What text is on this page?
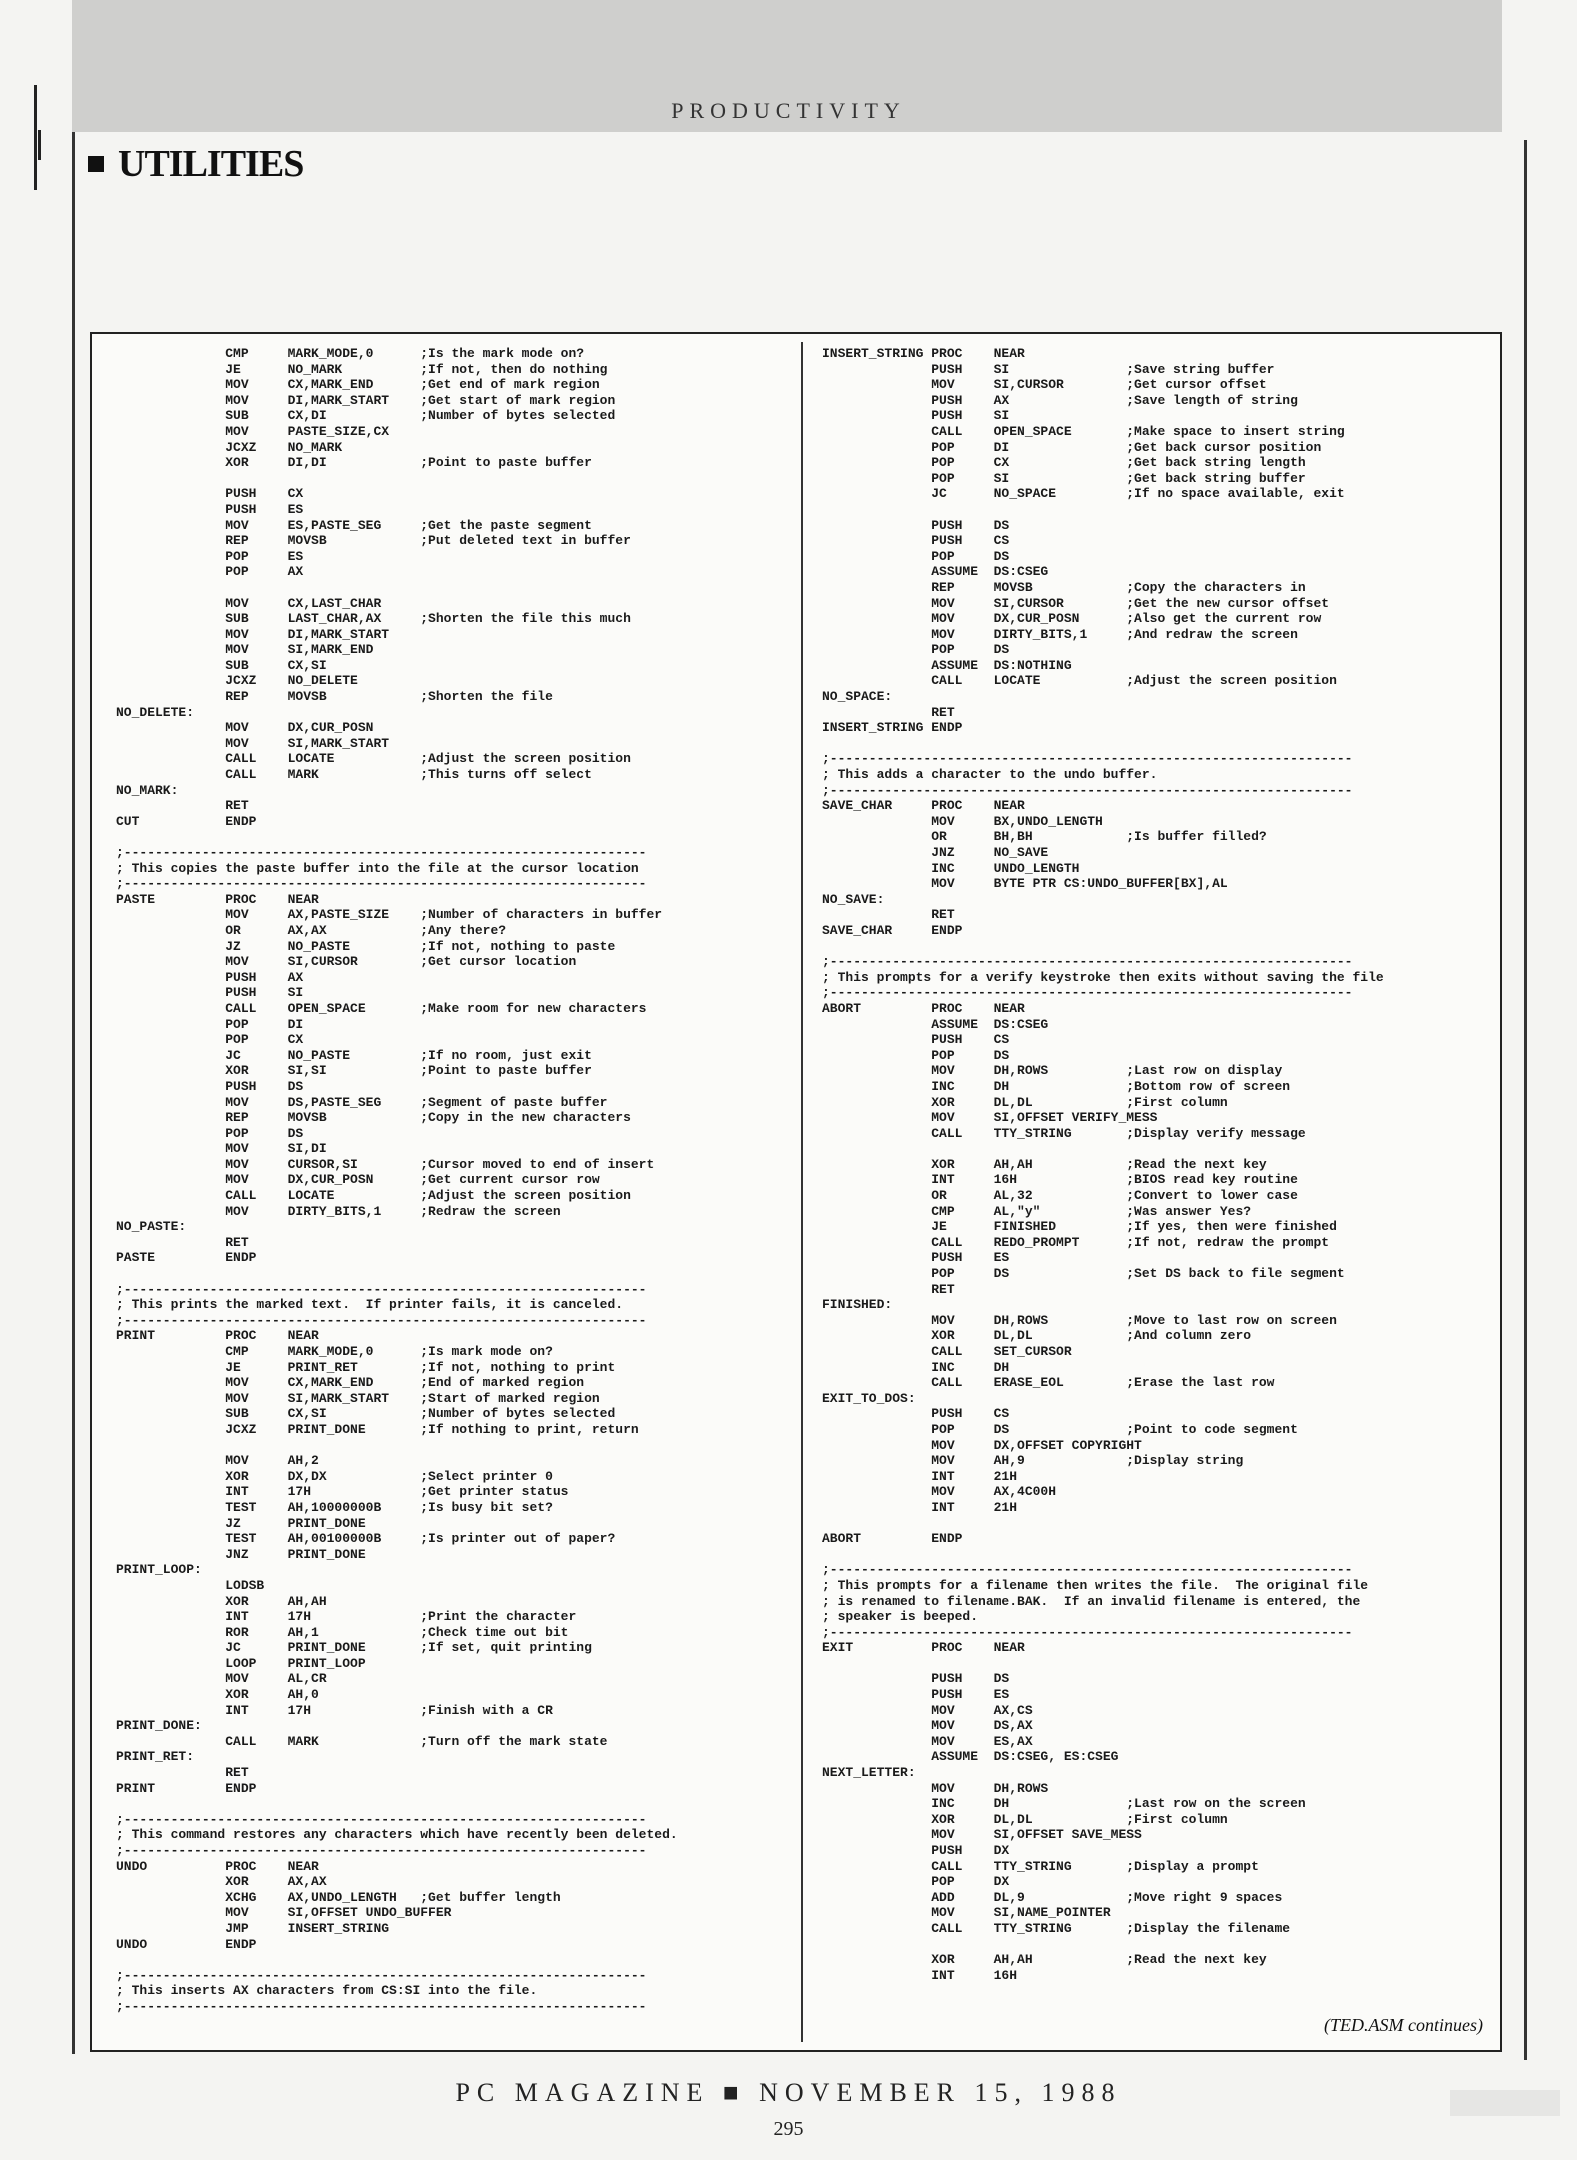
PRODUCTIVITY
UTILITIES
CMP     MARK_MODE,0      ;Is the mark mode on?
JE      NO_MARK          ;If not, then do nothing
MOV     CX,MARK_END      ;Get end of mark region
MOV     DI,MARK_START    ;Get start of mark region
SUB     CX,DI            ;Number of bytes selected
MOV     PASTE_SIZE,CX
JCXZ    NO_MARK
XOR     DI,DI            ;Point to paste buffer

PUSH    CX
PUSH    ES
MOV     ES,PASTE_SEG     ;Get the paste segment
REP     MOVSB            ;Put deleted text in buffer
POP     ES
POP     AX

MOV     CX,LAST_CHAR
SUB     LAST_CHAR,AX     ;Shorten the file this much
MOV     DI,MARK_START
MOV     SI,MARK_END
SUB     CX,SI
JCXZ    NO_DELETE
REP     MOVSB            ;Shorten the file
NO_DELETE:
MOV     DX,CUR_POSN
MOV     SI,MARK_START
CALL    LOCATE           ;Adjust the screen position
CALL    MARK             ;This turns off select
NO_MARK:
RET
CUT           ENDP

;-------------------------------------------------------------------
; This copies the paste buffer into the file at the cursor location
;-------------------------------------------------------------------
PASTE         PROC    NEAR
MOV     AX,PASTE_SIZE    ;Number of characters in buffer
OR      AX,AX            ;Any there?
JZ      NO_PASTE         ;If not, nothing to paste
MOV     SI,CURSOR        ;Get cursor location
PUSH    AX
PUSH    SI
CALL    OPEN_SPACE       ;Make room for new characters
POP     DI
POP     CX
JC      NO_PASTE         ;If no room, just exit
XOR     SI,SI            ;Point to paste buffer
PUSH    DS
MOV     DS,PASTE_SEG     ;Segment of paste buffer
REP     MOVSB            ;Copy in the new characters
POP     DS
MOV     SI,DI
MOV     CURSOR,SI        ;Cursor moved to end of insert
MOV     DX,CUR_POSN      ;Get current cursor row
CALL    LOCATE           ;Adjust the screen position
MOV     DIRTY_BITS,1     ;Redraw the screen
NO_PASTE:
RET
PASTE         ENDP

;-------------------------------------------------------------------
; This prints the marked text.  If printer fails, it is canceled.
;-------------------------------------------------------------------
PRINT         PROC    NEAR
CMP     MARK_MODE,0      ;Is mark mode on?
JE      PRINT_RET        ;If not, nothing to print
MOV     CX,MARK_END      ;End of marked region
MOV     SI,MARK_START    ;Start of marked region
SUB     CX,SI            ;Number of bytes selected
JCXZ    PRINT_DONE       ;If nothing to print, return

MOV     AH,2
XOR     DX,DX            ;Select printer 0
INT     17H              ;Get printer status
TEST    AH,10000000B     ;Is busy bit set?
JZ      PRINT_DONE
TEST    AH,00100000B     ;Is printer out of paper?
JNZ     PRINT_DONE
PRINT_LOOP:
LODSB
XOR     AH,AH
INT     17H              ;Print the character
ROR     AH,1             ;Check time out bit
JC      PRINT_DONE       ;If set, quit printing
LOOP    PRINT_LOOP
MOV     AL,CR
XOR     AH,0
INT     17H              ;Finish with a CR
PRINT_DONE:
CALL    MARK             ;Turn off the mark state
PRINT_RET:
RET
PRINT         ENDP

;-------------------------------------------------------------------
; This command restores any characters which have recently been deleted.
;-------------------------------------------------------------------
UNDO          PROC    NEAR
XOR     AX,AX
XCHG    AX,UNDO_LENGTH   ;Get buffer length
MOV     SI,OFFSET UNDO_BUFFER
JMP     INSERT_STRING
UNDO          ENDP

;-------------------------------------------------------------------
; This inserts AX characters from CS:SI into the file.
;-------------------------------------------------------------------
INSERT_STRING PROC    NEAR
PUSH    SI               ;Save string buffer
MOV     SI,CURSOR        ;Get cursor offset
PUSH    AX               ;Save length of string
PUSH    SI
CALL    OPEN_SPACE       ;Make space to insert string
POP     DI               ;Get back cursor position
POP     CX               ;Get back string length
POP     SI               ;Get back string buffer
JC      NO_SPACE         ;If no space available, exit

PUSH    DS
PUSH    CS
POP     DS
ASSUME  DS:CSEG
REP     MOVSB            ;Copy the characters in
MOV     SI,CURSOR        ;Get the new cursor offset
MOV     DX,CUR_POSN      ;Also get the current row
MOV     DIRTY_BITS,1     ;And redraw the screen
POP     DS
ASSUME  DS:NOTHING
CALL    LOCATE           ;Adjust the screen position
NO_SPACE:
RET
INSERT_STRING ENDP

;-------------------------------------------------------------------
; This adds a character to the undo buffer.
;-------------------------------------------------------------------
SAVE_CHAR     PROC    NEAR
MOV     BX,UNDO_LENGTH
OR      BH,BH            ;Is buffer filled?
JNZ     NO_SAVE
INC     UNDO_LENGTH
MOV     BYTE PTR CS:UNDO_BUFFER[BX],AL
NO_SAVE:
RET
SAVE_CHAR     ENDP

;-------------------------------------------------------------------
; This prompts for a verify keystroke then exits without saving the file
;-------------------------------------------------------------------
ABORT         PROC    NEAR
ASSUME  DS:CSEG
PUSH    CS
POP     DS
MOV     DH,ROWS          ;Last row on display
INC     DH               ;Bottom row of screen
XOR     DL,DL            ;First column
MOV     SI,OFFSET VERIFY_MESS
CALL    TTY_STRING       ;Display verify message

XOR     AH,AH            ;Read the next key
INT     16H              ;BIOS read key routine
OR      AL,32            ;Convert to lower case
CMP     AL,"y"           ;Was answer Yes?
JE      FINISHED         ;If yes, then were finished
CALL    REDO_PROMPT      ;If not, redraw the prompt
PUSH    ES
POP     DS               ;Set DS back to file segment
RET
FINISHED:
MOV     DH,ROWS          ;Move to last row on screen
XOR     DL,DL            ;And column zero
CALL    SET_CURSOR
INC     DH
CALL    ERASE_EOL        ;Erase the last row
EXIT_TO_DOS:
PUSH    CS
POP     DS               ;Point to code segment
MOV     DX,OFFSET COPYRIGHT
MOV     AH,9             ;Display string
INT     21H
MOV     AX,4C00H
INT     21H

ABORT         ENDP

;-------------------------------------------------------------------
; This prompts for a filename then writes the file.  The original file
; is renamed to filename.BAK.  If an invalid filename is entered, the
; speaker is beeped.
;-------------------------------------------------------------------
EXIT          PROC    NEAR

PUSH    DS
PUSH    ES
MOV     AX,CS
MOV     DS,AX
MOV     ES,AX
ASSUME  DS:CSEG, ES:CSEG
NEXT_LETTER:
MOV     DH,ROWS
INC     DH               ;Last row on the screen
XOR     DL,DL            ;First column
MOV     SI,OFFSET SAVE_MESS
PUSH    DX
CALL    TTY_STRING       ;Display a prompt
POP     DX
ADD     DL,9             ;Move right 9 spaces
MOV     SI,NAME_POINTER
CALL    TTY_STRING       ;Display the filename

XOR     AH,AH            ;Read the next key
INT     16H
(TED.ASM continues)
PC MAGAZINE ■ NOVEMBER 15, 1988
295
